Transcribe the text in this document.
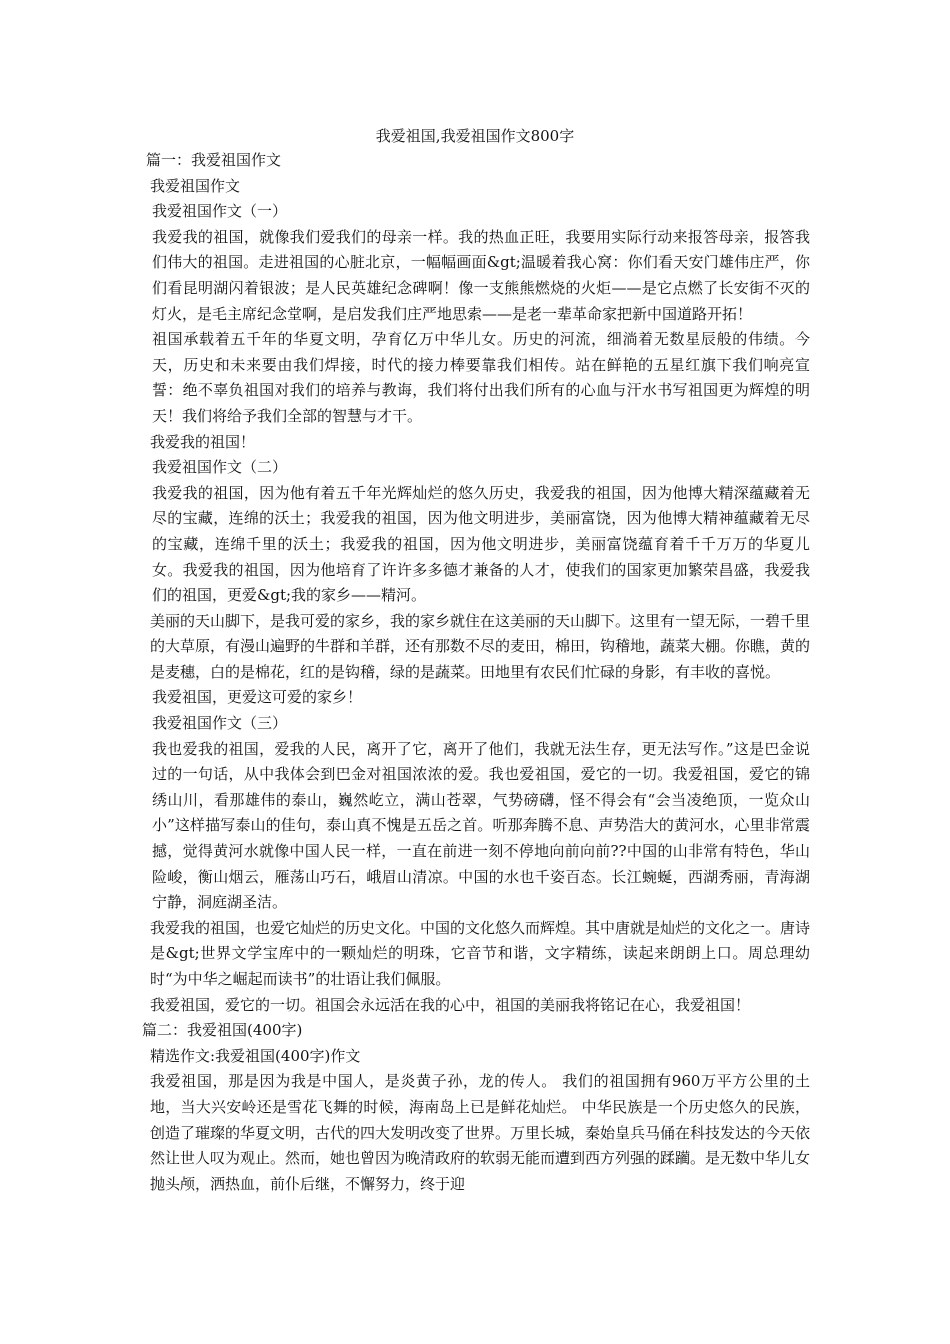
我爱祖国,我爱祖国作文800字

篇一：我爱祖国作文

我爱祖国作文

我爱祖国作文（一）

我爱我的祖国，就像我们爱我们的母亲一样。我的热血正旺，我要用实际行动来报答母亲，报答我们伟大的祖国。走进祖国的心脏北京，一幅幅画面&gt;温暖着我心窝：你们看天安门雄伟庄严，你们看昆明湖闪着银波；是人民英雄纪念碑啊！像一支熊熊燃烧的火炬——是它点燃了长安街不灭的灯火，是毛主席纪念堂啊，是启发我们庄严地思索——是老一辈革命家把新中国道路开拓！

祖国承载着五千年的华夏文明，孕育亿万中华儿女。历史的河流，细淌着无数星辰般的伟绩。今天，历史和未来要由我们焊接，时代的接力棒要靠我们相传。站在鲜艳的五星红旗下我们响亮宣誓：绝不辜负祖国对我们的培养与教诲，我们将付出我们所有的心血与汗水书写祖国更为辉煌的明天！我们将给予我们全部的智慧与才干。

我爱我的祖国！

我爱祖国作文（二）

我爱我的祖国，因为他有着五千年光辉灿烂的悠久历史，我爱我的祖国，因为他博大精深蕴藏着无尽的宝藏，连绵的沃土；我爱我的祖国，因为他文明进步，美丽富饶，因为他博大精神蕴藏着无尽的宝藏，连绵千里的沃土；我爱我的祖国，因为他文明进步，美丽富饶蕴育着千千万万的华夏儿女。我爱我的祖国，因为他培育了许许多多德才兼备的人才，使我们的国家更加繁荣昌盛，我爱我们的祖国，更爱&gt;我的家乡——精河。

美丽的天山脚下，是我可爱的家乡，我的家乡就住在这美丽的天山脚下。这里有一望无际，一碧千里的大草原，有漫山遍野的牛群和羊群，还有那数不尽的麦田，棉田，钩稽地，蔬菜大棚。你瞧，黄的是麦穗，白的是棉花，红的是钩稽，绿的是蔬菜。田地里有农民们忙碌的身影，有丰收的喜悦。

我爱祖国，更爱这可爱的家乡！

我爱祖国作文（三）

我也爱我的祖国，爱我的人民，离开了它，离开了他们，我就无法生存，更无法写作。”这是巴金说过的一句话，从中我体会到巴金对祖国浓浓的爱。我也爱祖国，爱它的一切。我爱祖国，爱它的锦绣山川，看那雄伟的泰山，巍然屹立，满山苍翠，气势磅礴，怪不得会有“会当凌绝顶，一览众山小”这样描写泰山的佳句，泰山真不愧是五岳之首。听那奔腾不息、声势浩大的黄河水，心里非常震撼，觉得黄河水就像中国人民一样，一直在前进一刻不停地向前向前??中国的山非常有特色，华山险峻，衡山烟云，雁荡山巧石，峨眉山清凉。中国的水也千姿百态。长江蜿蜒，西湖秀丽，青海湖宁静，洞庭湖圣洁。

我爱我的祖国，也爱它灿烂的历史文化。中国的文化悠久而辉煌。其中唐就是灿烂的文化之一。唐诗是&gt;世界文学宝库中的一颗灿烂的明珠，它音节和谐，文字精练，读起来朗朗上口。周总理幼时“为中华之崛起而读书”的壮语让我们佩服。

我爱祖国，爱它的一切。祖国会永远活在我的心中，祖国的美丽我将铭记在心，我爱祖国！

篇二：我爱祖国(400字)

精选作文:我爱祖国(400字)作文

我爱祖国，那是因为我是中国人，是炎黄子孙，龙的传人。 我们的祖国拥有960万平方公里的土地，当大兴安岭还是雪花飞舞的时候，海南岛上已是鲜花灿烂。 中华民族是一个历史悠久的民族，创造了璀璨的华夏文明，古代的四大发明改变了世界。万里长城，秦始皇兵马俑在科技发达的今天依然让世人叹为观止。然而，她也曾因为晚清政府的软弱无能而遭到西方列强的蹂躏。是无数中华儿女抛头颅，洒热血，前仆后继，不懈努力，终于迎
